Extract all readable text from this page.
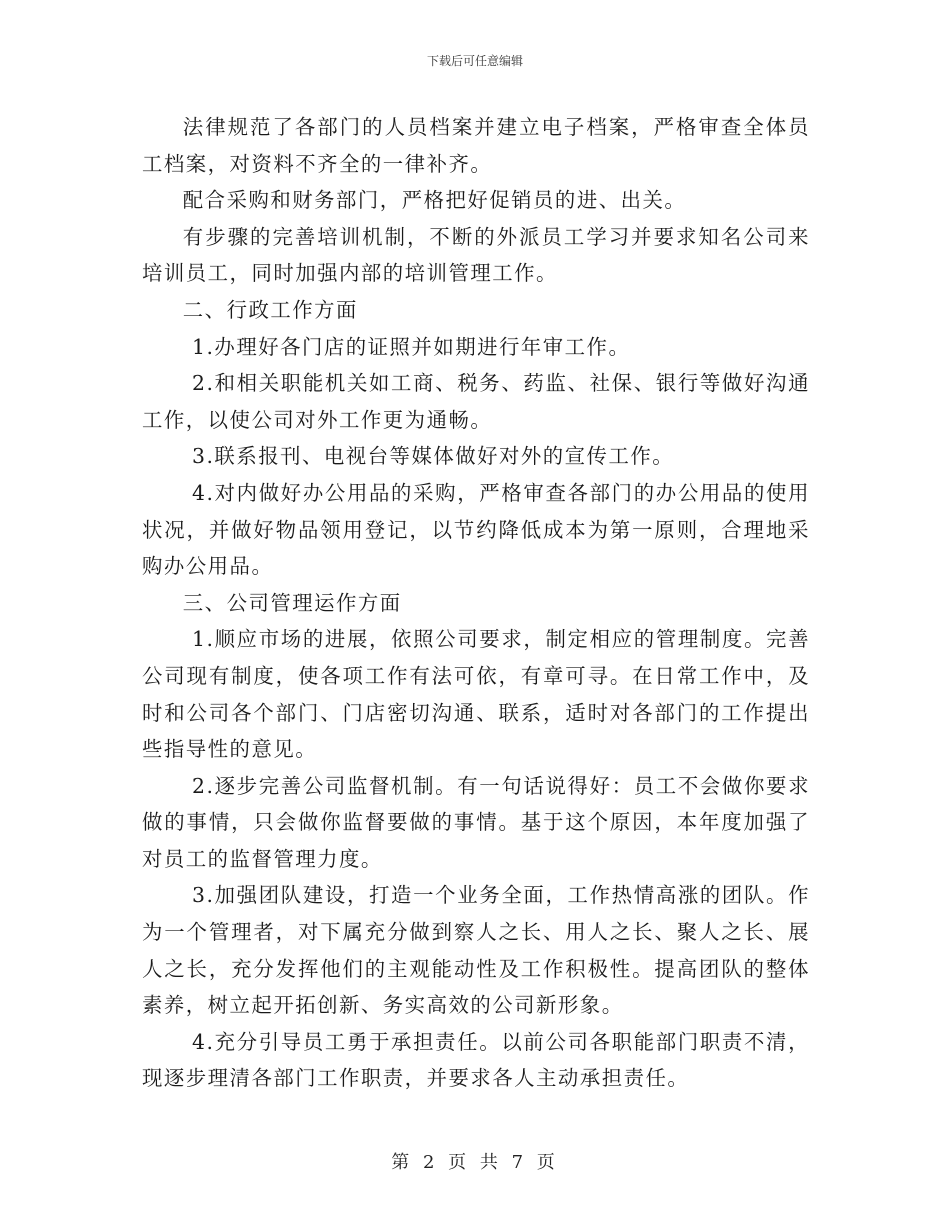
下载后可任意编辑

法律规范了各部门的人员档案并建立电子档案，严格审查全体员工档案，对资料不齐全的一律补齐。

配合采购和财务部门，严格把好促销员的进、出关。

有步骤的完善培训机制，不断的外派员工学习并要求知名公司来培训员工，同时加强内部的培训管理工作。

二、行政工作方面

1.办理好各门店的证照并如期进行年审工作。

2.和相关职能机关如工商、税务、药监、社保、银行等做好沟通工作，以使公司对外工作更为通畅。

3.联系报刊、电视台等媒体做好对外的宣传工作。

4.对内做好办公用品的采购，严格审查各部门的办公用品的使用状况，并做好物品领用登记，以节约降低成本为第一原则，合理地采购办公用品。

三、公司管理运作方面

1.顺应市场的进展，依照公司要求，制定相应的管理制度。完善公司现有制度，使各项工作有法可依，有章可寻。在日常工作中，及时和公司各个部门、门店密切沟通、联系，适时对各部门的工作提出些指导性的意见。

2.逐步完善公司监督机制。有一句话说得好：员工不会做你要求做的事情，只会做你监督要做的事情。基于这个原因，本年度加强了对员工的监督管理力度。

3.加强团队建设，打造一个业务全面，工作热情高涨的团队。作为一个管理者，对下属充分做到察人之长、用人之长、聚人之长、展人之长，充分发挥他们的主观能动性及工作积极性。提高团队的整体素养，树立起开拓创新、务实高效的公司新形象。

4.充分引导员工勇于承担责任。以前公司各职能部门职责不清，现逐步理清各部门工作职责，并要求各人主动承担责任。

第 2 页 共 7 页
